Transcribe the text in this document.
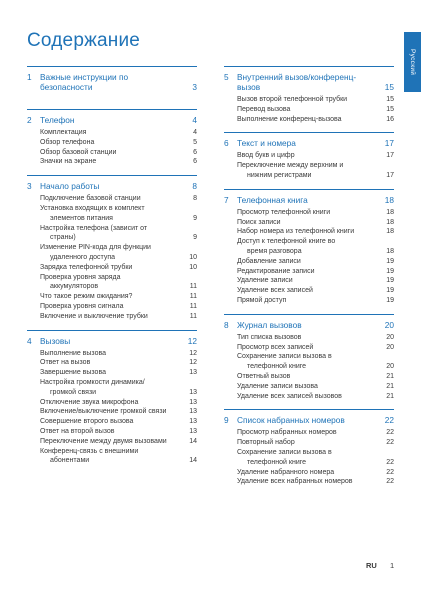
Содержание
Русский
1	Важные инструкции по
безопасности	3
2	Телефон	4
Комплектация	4
Обзор телефона	5
Обзор базовой станции	6
Значки на экране	6
3	Начало работы	8
Подключение базовой станции	8
Установка входящих в комплект
элементов питания	9
Настройка телефона (зависит от
страны)	9
Изменение PIN-кода для функции
удаленного доступа	10
Зарядка телефонной трубки	10
Проверка уровня заряда
аккумуляторов	11
Что такое режим ожидания?	11
Проверка уровня сигнала	11
Включение и выключение трубки	11
4	Вызовы	12
Выполнение вызова	12
Ответ на вызов	12
Завершение вызова	13
Настройка громкости динамика/
громкой связи	13
Отключение звука микрофона	13
Включение/выключение громкой связи	13
Совершение второго вызова	13
Ответ на второй вызов	13
Переключение между двумя вызовами	14
Конференц-связь с внешними
абонентами	14
5	Внутренний вызов/конференц-
вызов	15
Вызов второй телефонной трубки	15
Перевод вызова	15
Выполнение конференц-вызова	16
6	Текст и номера	17
Ввод букв и цифр	17
Переключение между верхним и
нижним регистрами	17
7	Телефонная книга	18
Просмотр телефонной книги	18
Поиск записи	18
Набор номера из телефонной книги	18
Доступ к телефонной книге во
время разговора	18
Добавление записи	19
Редактирование записи	19
Удаление записи	19
Удаление всех записей	19
Прямой доступ	19
8	Журнал вызовов	20
Тип списка вызовов	20
Просмотр всех записей	20
Сохранение записи вызова в
телефонной книге	20
Ответный вызов	21
Удаление записи вызова	21
Удаление всех записей вызовов	21
9	Список набранных номеров	22
Просмотр набранных номеров	22
Повторный набор	22
Сохранение записи вызова в
телефонной книге	22
Удаление набранного номера	22
Удаление всех набранных номеров	22
RU 1
